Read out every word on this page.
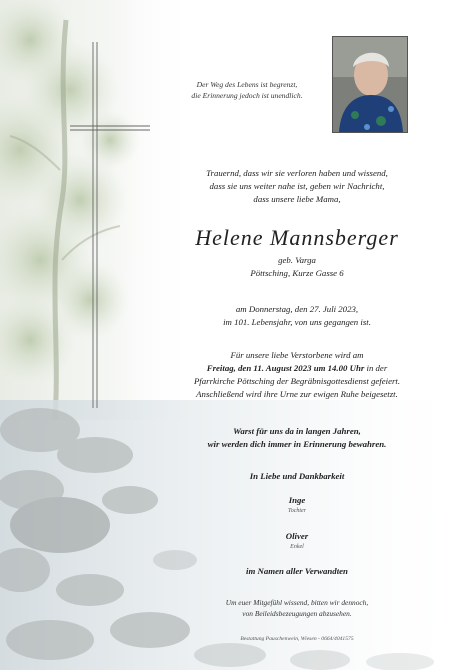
Der Weg des Lebens ist begrenzt,
die Erinnerung jedoch ist unendlich.
Trauernd, dass wir sie verloren haben und wissend,
dass sie uns weiter nahe ist, geben wir Nachricht,
dass unsere liebe Mama,
Helene Mannsberger
geb. Varga
Pöttsching, Kurze Gasse 6
am Donnerstag, den 27. Juli 2023,
im 101. Lebensjahr, von uns gegangen ist.
Für unsere liebe Verstorbene wird am
Freitag, den 11. August 2023 um 14.00 Uhr in der
Pfarrkirche Pöttsching der Begräbnisgottesdienst gefeiert.
Anschließend wird ihre Urne zur ewigen Ruhe beigesetzt.
Warst für uns da in langen Jahren,
wir werden dich immer in Erinnerung bewahren.
In Liebe und Dankbarkeit
Inge
Tochter
Oliver
Enkel
im Namen aller Verwandten
Um euer Mitgefühl wissend, bitten wir dennoch,
von Beileidsbezeugungen abzusehen.
Bestattung Pauschenwein, Wiesen - 0664/4041575
